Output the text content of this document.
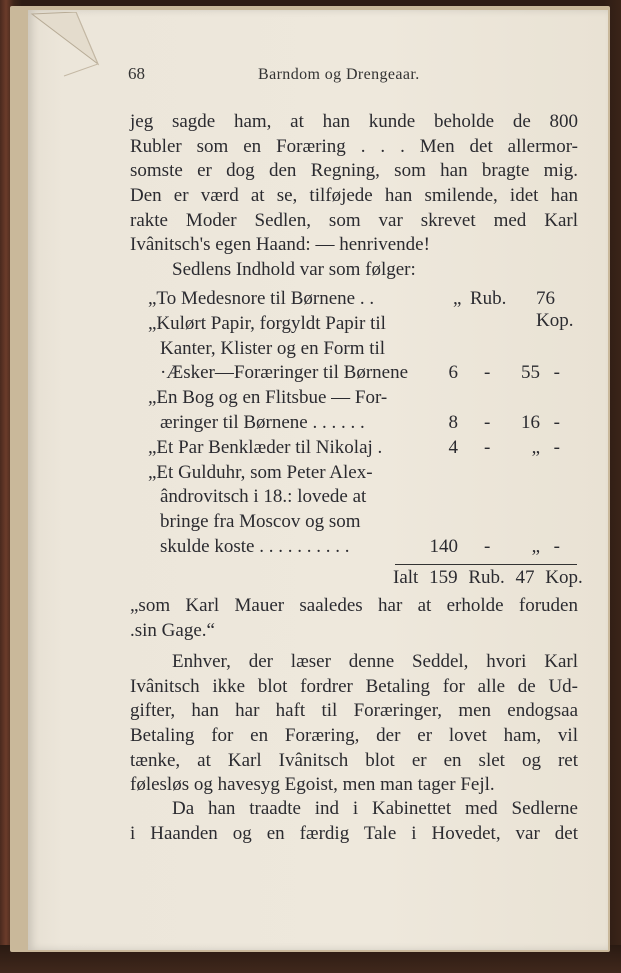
68	Barndom og Drengeaar.
jeg sagde ham, at han kunde beholde de 800
Rubler som en Foræring . . . Men det allermor-
somste er dog den Regning, som han bragte mig.
Den er værd at se, tilføjede han smilende, idet han
rakte Moder Sedlen, som var skrevet med Karl
Ivânitsch's egen Haand: — henrivende!
Sedlens Indhold var som følger:
„To Medesnore til Børnene . .	„ Rub. 76 Kop.
„Kulørt Papir, forgyldt Papir til
Kanter, Klister og en Form til
·Æsker—Foræringer til Børnene 6 - 55 -
„En Bog og en Flitsbue — For-
æringer til Børnene . . . . . .	8 - 16 -
„Et Par Benklæder til Nikolaj .	4 - „ -
„Et Gulduhr, som Peter Alex-
ândrovitsch i 18.: lovede at
bringe fra Moscov og som
skulde koste . . . . . . . . . .	140 - „ -
Ialt 159 Rub. 47 Kop.
„som Karl Mauer saaledes har at erholde foruden
.sin Gage.“
Enhver, der læser denne Seddel, hvori Karl
Ivânitsch ikke blot fordrer Betaling for alle de Ud-
gifter, han har haft til Foræringer, men endogsaa
Betaling for en Foræring, der er lovet ham, vil
tænke, at Karl Ivânitsch blot er en slet og ret
følesløs og havesyg Egoist, men man tager Fejl.
Da han traadte ind i Kabinettet med Sedlerne
i Haanden og en færdig Tale i Hovedet, var det
